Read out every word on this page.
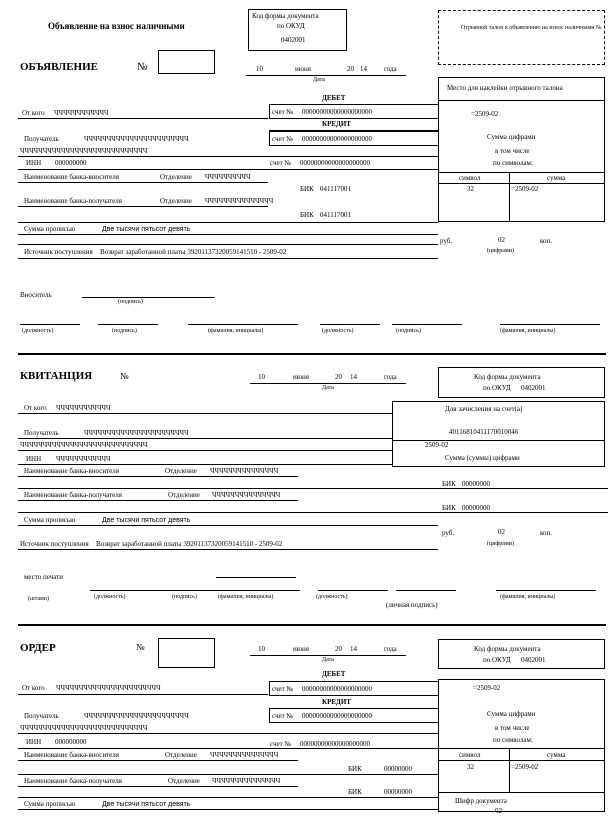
Объявление на взнос наличными
Код формы документа
по ОКУД
0402001
Отрывной талон к объявлению на взнос наличными №
ОБЪЯВЛЕНИЕ	№	10	июня	20 14 года
Дата
Место для наклейки отрывного талона
=2509-02
Сумма цифрами
в том числе
по символам:
символ	сумма
32	=2509-02
ДЕБЕТ
От кого ЧЧЧЧЧЧЧЧЧЧЧЧ	счет № 00000000000000000000
КРЕДИТ
Получатель	ЧЧЧЧЧЧЧЧЧЧЧЧЧЧЧЧЧЧЧЧЧЧЧ	счет № 00000000000000000000
ЧЧЧЧЧЧЧЧЧЧЧЧЧЧЧЧЧЧЧЧЧЧЧЧЧЧЧЧ
ИНН 000000000	счет № 00000000000000000000
Наименование банка-вносителя	Отделение ЧЧЧЧЧЧЧЧЧЧ
БИК 041117001
Наименование банка-получателя	Отделение ЧЧЧЧЧЧЧЧЧЧЧЧЧЧЧ
БИК 041117001
Сумма прописью	Две тысячи пятьсот девять
руб.	02	коп.
Источник поступления Возврат заработанной платы 39201137320059141510 - 2509-02	(цифрами)
Вноситель
(подпись)
(должность)	(подпись)	(фамилия, инициалы)	(должность)	(подпись)	(фамилия, инициалы)
КВИТАНЦИЯ	№	10	июня	20 14	года
Дата
Код формы документа
по ОКУД 0402001
От кого ЧЧЧЧЧЧЧЧЧЧЧЧ	Для зачисления на счет(а)
40116810411170010046
2509-02
Сумма (суммы) цифрами
Получатель	ЧЧЧЧЧЧЧЧЧЧЧЧЧЧЧЧЧЧЧЧЧЧЧ
ЧЧЧЧЧЧЧЧЧЧЧЧЧЧЧЧЧЧЧЧЧЧЧЧЧЧЧЧ
ИНН ЧЧЧЧЧЧЧЧЧЧЧЧ
Наименование банка-вносителя	Отделение ЧЧЧЧЧЧЧЧЧЧЧЧЧЧЧ
БИК 00000000
Наименование банка-получателя	Отделение ЧЧЧЧЧЧЧЧЧЧЧЧЧЧЧ
БИК 00000000
Сумма прописью	Две тысячи пятьсот девять
руб.	02	коп.
Источник поступления Возврат заработанной платы 39201137320059141510 - 2509-02	(цифрами)
место печати
(штамп)	(должность)	(подпись)	(фамилия, инициалы)	(должность)
(личная подпись)
(фамилия, инициалы)
ОРДЕР	№	10	июня	20 14	года
Дата
Код формы документа
по ОКУД 0402001
ДЕБЕТ
=2509-02
Сумма цифрами
в том числе
по символам:
символ	сумма
32	=2509-02
Шифр документа
02
От кого ЧЧЧЧЧЧЧЧЧЧЧЧЧЧЧЧЧЧЧЧЧЧЧ	счет № 00000000000000000000
КРЕДИТ
Получатель	ЧЧЧЧЧЧЧЧЧЧЧЧЧЧЧЧЧЧЧЧЧЧЧ	счет № 00000000000000000000
ЧЧЧЧЧЧЧЧЧЧЧЧЧЧЧЧЧЧЧЧЧЧЧЧЧЧЧЧ
ИНН 000000000	счет № 00000000000000000000
Наименование банка-вносителя	Отделение ЧЧЧЧЧЧЧЧЧЧЧЧЧЧЧ
БИК	00000000
Наименование банка-получателя	Отделение ЧЧЧЧЧЧЧЧЧЧЧЧЧЧЧ
БИК	00000000
Сумма прописью	Две тысячи пятьсот девять
